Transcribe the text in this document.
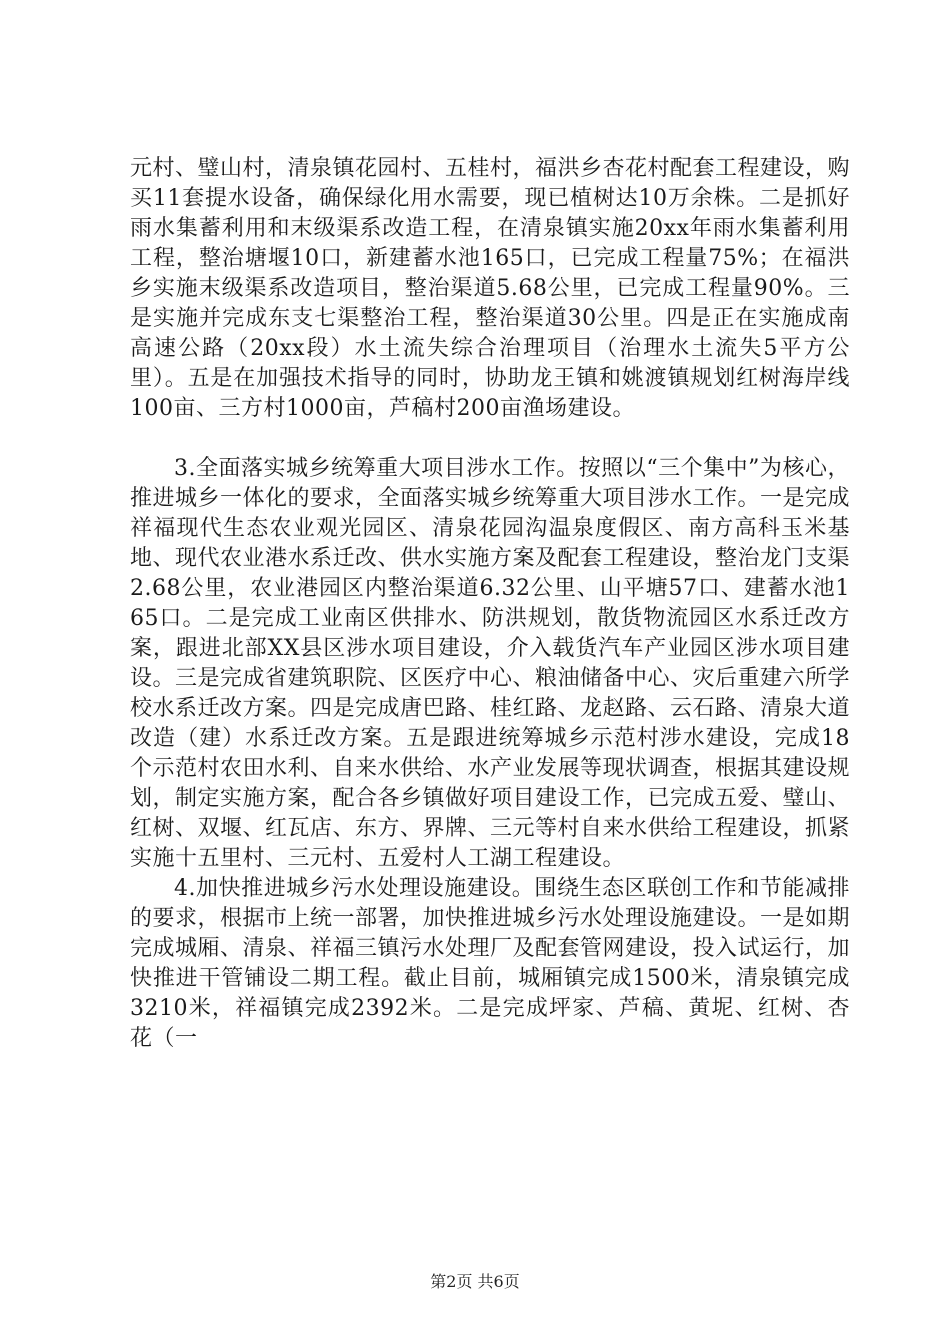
元村、璧山村，清泉镇花园村、五桂村，福洪乡杏花村配套工程建设，购买11套提水设备，确保绿化用水需要，现已植树达10万余株。二是抓好雨水集蓄利用和末级渠系改造工程，在清泉镇实施20xx年雨水集蓄利用工程，整治塘堰10口，新建蓄水池165口，已完成工程量75%；在福洪乡实施末级渠系改造项目，整治渠道5.68公里，已完成工程量90%。三是实施并完成东支七渠整治工程，整治渠道30公里。四是正在实施成南高速公路（20xx段）水土流失综合治理项目（治理水土流失5平方公里）。五是在加强技术指导的同时，协助龙王镇和姚渡镇规划红树海岸线100亩、三方村1000亩，芦稿村200亩渔场建设。

3.全面落实城乡统筹重大项目涉水工作。按照以“三个集中”为核心，推进城乡一体化的要求，全面落实城乡统筹重大项目涉水工作。一是完成祥福现代生态农业观光园区、清泉花园沟温泉度假区、南方高科玉米基地、现代农业港水系迁改、供水实施方案及配套工程建设，整治龙门支渠2.68公里，农业港园区内整治渠道6.32公里、山平塘57口、建蓄水池165口。二是完成工业南区供排水、防洪规划，散货物流园区水系迁改方案，跟进北部XX县区涉水项目建设，介入载货汽车产业园区涉水项目建设。三是完成省建筑职院、区医疗中心、粮油储备中心、灾后重建六所学校水系迁改方案。四是完成唐巴路、桂红路、龙赵路、云石路、清泉大道改造（建）水系迁改方案。五是跟进统筹城乡示范村涉水建设，完成18个示范村农田水利、自来水供给、水产业发展等现状调查，根据其建设规划，制定实施方案，配合各乡镇做好项目建设工作，已完成五爱、璧山、红树、双堰、红瓦店、东方、界牌、三元等村自来水供给工程建设，抓紧实施十五里村、三元村、五爱村人工湖工程建设。

4.加快推进城乡污水处理设施建设。围绕生态区联创工作和节能减排的要求，根据市上统一部署，加快推进城乡污水处理设施建设。一是如期完成城厢、清泉、祥福三镇污水处理厂及配套管网建设，投入试运行，加快推进干管铺设二期工程。截止目前，城厢镇完成1500米，清泉镇完成3210米，祥福镇完成2392米。二是完成坪家、芦稿、黄坭、红树、杏花（一

第2页 共6页
